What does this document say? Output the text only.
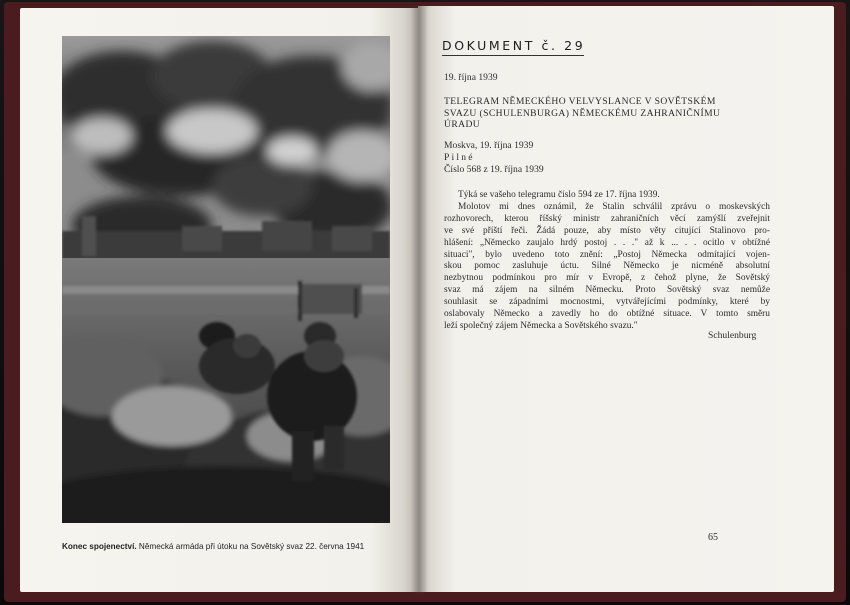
Konec spojenectví. Německá armáda při útoku na Sovětský svaz 22. června 1941
DOKUMENT č. 29
19. října 1939
TELEGRAM NĚMECKÉHO VELVYSLANCE V SOVĚTSKÉM
SVAZU (SCHULENBURGA) NĚMECKÉMU ZAHRANIČNÍMU
ÚRADU
Moskva, 19. října 1939
Pilné
Číslo 568 z 19. října 1939
Týká se vašeho telegramu číslo 594 ze 17. října 1939.
Molotov mi dnes oznámil, že Stalin schválil zprávu o moskevských
rozhovorech, kterou říšský ministr zahraničních věcí zamýšlí zveřejnit
ve své příští řeči. Žádá pouze, aby místo věty citující Stalinovo pro-
hlášení: „Německo zaujalo hrdý postoj . . ." až k ... . . ocitlo v obtížné
situaci", bylo uvedeno toto znění: „Postoj Německa odmítající vojen-
skou pomoc zasluhuje úctu. Silné Německo je nicméně absolutní
nezbytnou podmínkou pro mír v Evropě, z čehož plyne, že Sovětský
svaz má zájem na silném Německu. Proto Sovětský svaz nemůže
souhlasit se západními mocnostmi, vytvářejícími podmínky, které by
oslabovaly Německo a zavedly ho do obtížné situace. V tomto směru
leží společný zájem Německa a Sovětského svazu."
Schulenburg
65
